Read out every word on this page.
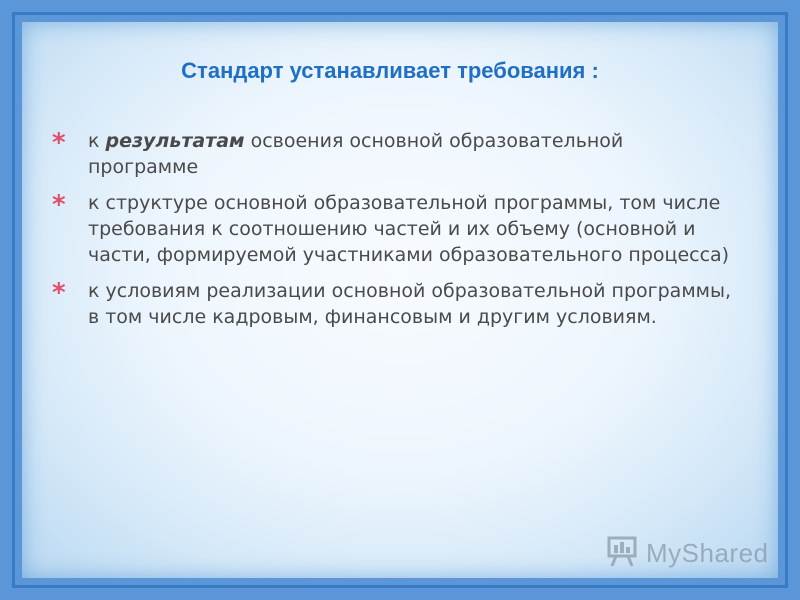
Стандарт устанавливает требования :
* к результатам освоения основной образовательной программе
* к структуре основной образовательной программы, том числе требования к соотношению частей и их объему (основной и части, формируемой участниками образовательного процесса)
* к условиям реализации основной образовательной программы, в том числе кадровым, финансовым и другим условиям.
MyShared
